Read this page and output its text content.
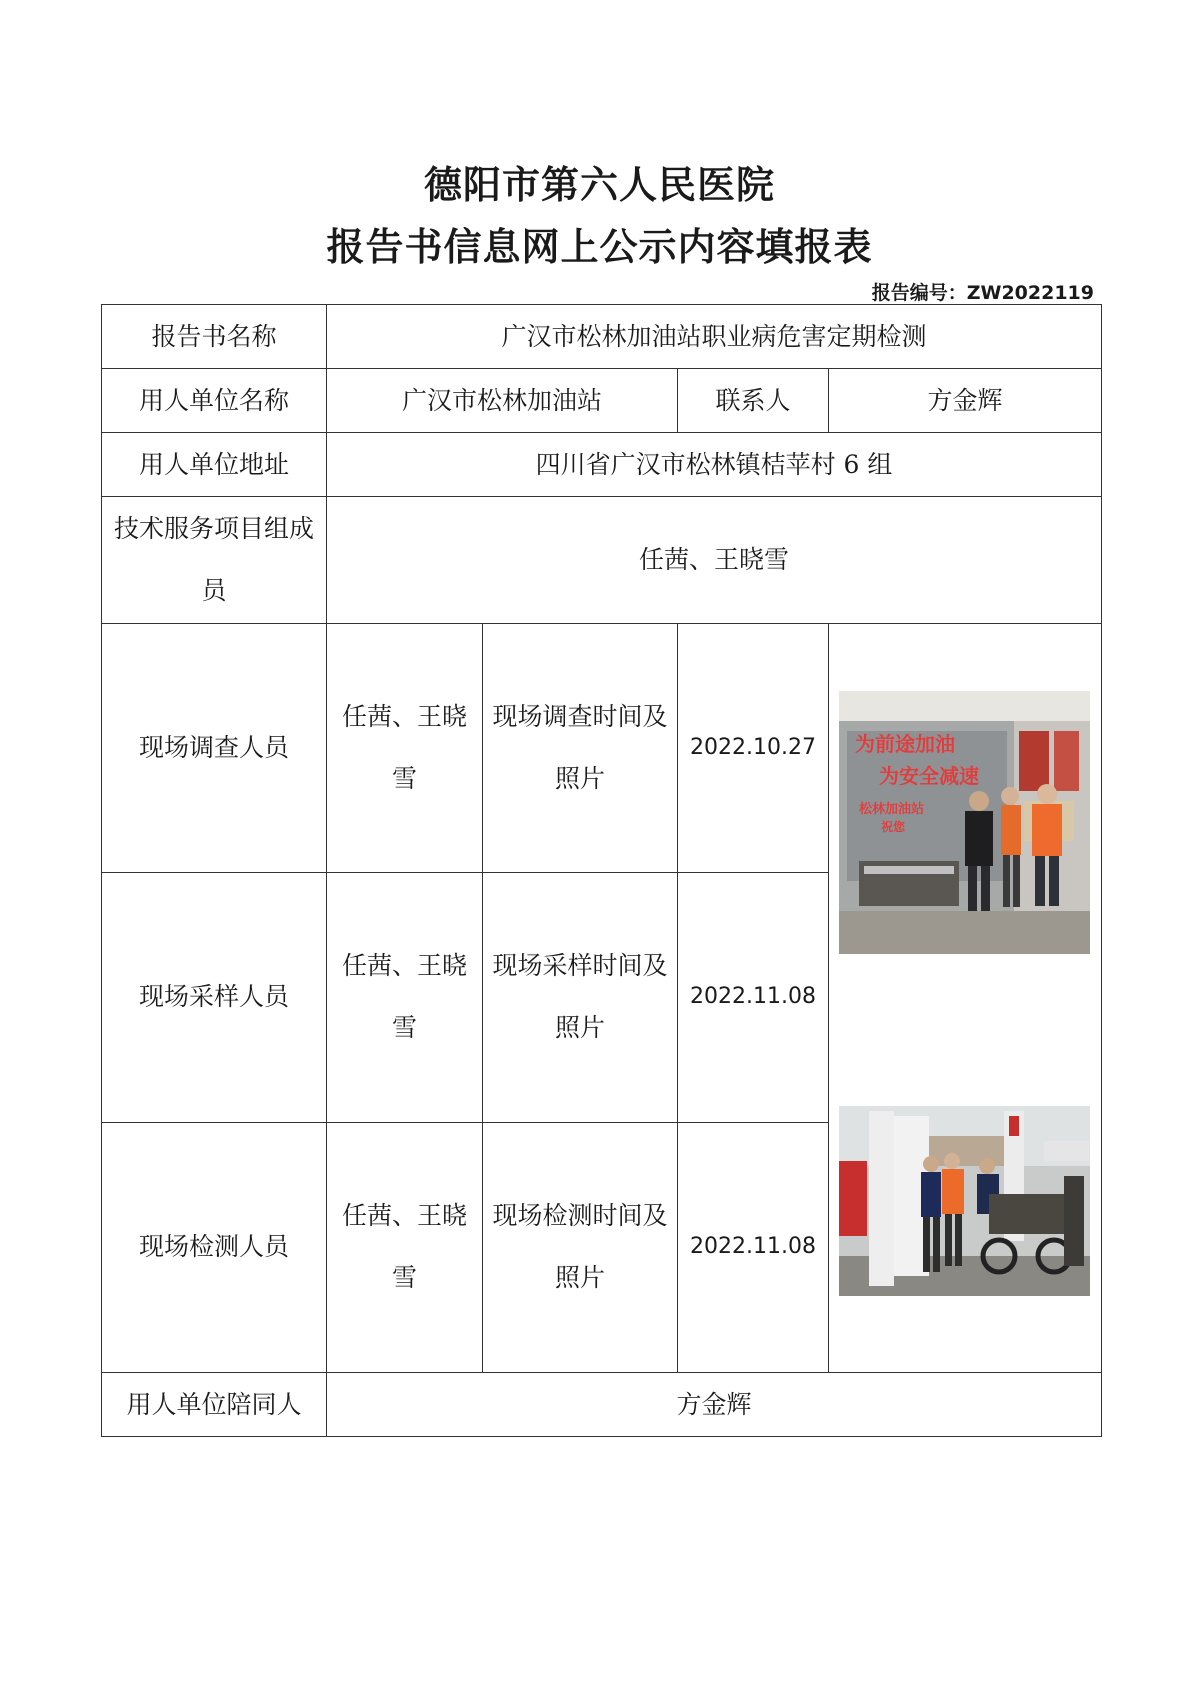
德阳市第六人民医院
报告书信息网上公示内容填报表
报告编号：ZW2022119
报告书名称	广汉市松林加油站职业病危害定期检测			
用人单位名称	广汉市松林加油站		联系人	方金辉
用人单位地址	四川省广汉市松林镇桔苹村 6 组			
技术服务项目组成员	任茜、王晓雪			
现场调查人员	任茜、王晓雪	现场调查时间及照片	2022.10.27	为前途加油
为安全减速
松林加油站
祝您

现场采样人员	任茜、王晓雪	现场采样时间及照片	2022.11.08	
现场检测人员	任茜、王晓雪	现场检测时间及照片	2022.11.08	
用人单位陪同人	方金辉			
